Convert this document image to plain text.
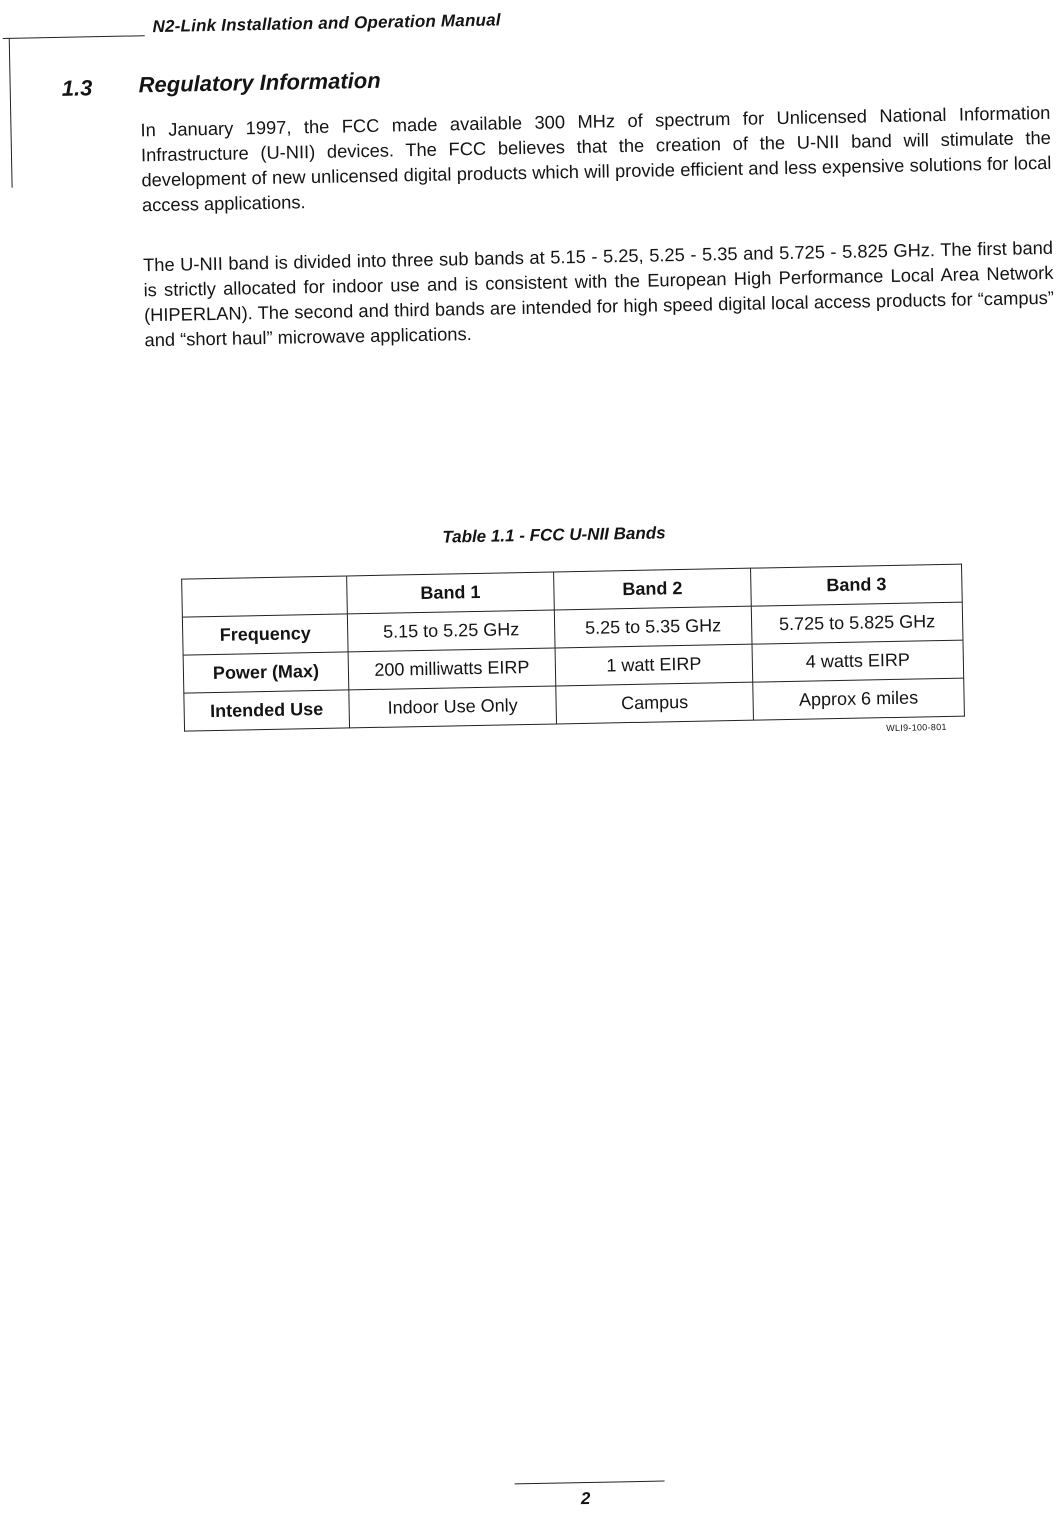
N2-Link Installation and Operation Manual
1.3 Regulatory Information

In January 1997, the FCC made available 300 MHz of spectrum for Unlicensed National Information Infrastructure (U-NII) devices. The FCC believes that the creation of the U-NII band will stimulate the development of new unlicensed digital products which will provide efficient and less expensive solutions for local access applications.

The U-NII band is divided into three sub bands at 5.15 - 5.25, 5.25 - 5.35 and 5.725 - 5.825 GHz. The first band is strictly allocated for indoor use and is consistent with the European High Performance Local Area Network (HIPERLAN). The second and third bands are intended for high speed digital local access products for “campus” and “short haul” microwave applications.

Table 1.1 - FCC U-NII Bands
	Band 1	Band 2	Band 3
Frequency	5.15 to 5.25 GHz	5.25 to 5.35 GHz	5.725 to 5.825 GHz
Power (Max)	200 milliwatts EIRP	1 watt EIRP	4 watts EIRP
Intended Use	Indoor Use Only	Campus	Approx 6 miles
WLI9-100-801
2
